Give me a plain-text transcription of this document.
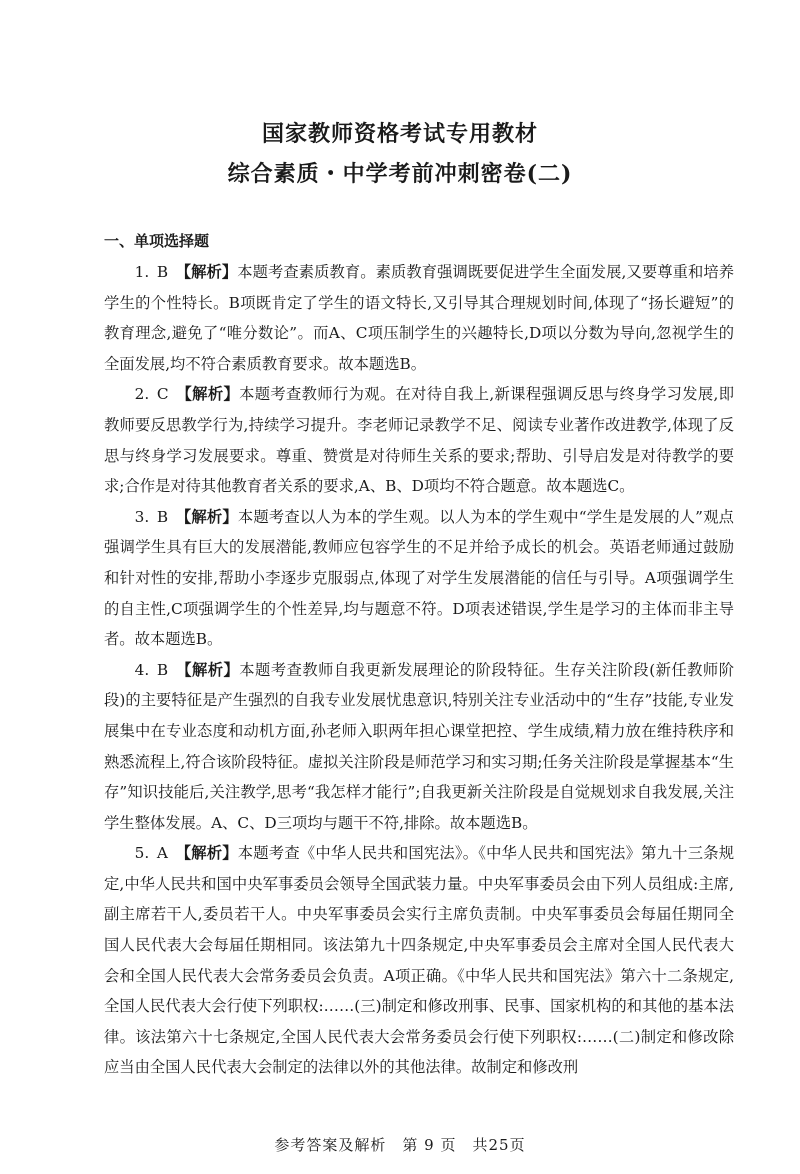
国家教师资格考试专用教材
综合素质・中学考前冲刺密卷(二)
一、单项选择题

1. B 【解析】本题考查素质教育。素质教育强调既要促进学生全面发展,又要尊重和培养学生的个性特长。B项既肯定了学生的语文特长,又引导其合理规划时间,体现了“扬长避短”的教育理念,避免了“唯分数论”。而A、C项压制学生的兴趣特长,D项以分数为导向,忽视学生的全面发展,均不符合素质教育要求。故本题选B。

2. C 【解析】本题考查教师行为观。在对待自我上,新课程强调反思与终身学习发展,即教师要反思教学行为,持续学习提升。李老师记录教学不足、阅读专业著作改进教学,体现了反思与终身学习发展要求。尊重、赞赏是对待师生关系的要求;帮助、引导启发是对待教学的要求;合作是对待其他教育者关系的要求,A、B、D项均不符合题意。故本题选C。

3. B 【解析】本题考查以人为本的学生观。以人为本的学生观中“学生是发展的人”观点强调学生具有巨大的发展潜能,教师应包容学生的不足并给予成长的机会。英语老师通过鼓励和针对性的安排,帮助小李逐步克服弱点,体现了对学生发展潜能的信任与引导。A项强调学生的自主性,C项强调学生的个性差异,均与题意不符。D项表述错误,学生是学习的主体而非主导者。故本题选B。

4. B 【解析】本题考查教师自我更新发展理论的阶段特征。生存关注阶段(新任教师阶段)的主要特征是产生强烈的自我专业发展忧患意识,特别关注专业活动中的“生存”技能,专业发展集中在专业态度和动机方面,孙老师入职两年担心课堂把控、学生成绩,精力放在维持秩序和熟悉流程上,符合该阶段特征。虚拟关注阶段是师范学习和实习期;任务关注阶段是掌握基本“生存”知识技能后,关注教学,思考“我怎样才能行”;自我更新关注阶段是自觉规划求自我发展,关注学生整体发展。A、C、D三项均与题干不符,排除。故本题选B。

5. A 【解析】本题考查《中华人民共和国宪法》。《中华人民共和国宪法》第九十三条规定,中华人民共和国中央军事委员会领导全国武装力量。中央军事委员会由下列人员组成:主席,副主席若干人,委员若干人。中央军事委员会实行主席负责制。中央军事委员会每届任期同全国人民代表大会每届任期相同。该法第九十四条规定,中央军事委员会主席对全国人民代表大会和全国人民代表大会常务委员会负责。A项正确。《中华人民共和国宪法》第六十二条规定,全国人民代表大会行使下列职权:……(三)制定和修改刑事、民事、国家机构的和其他的基本法律。该法第六十七条规定,全国人民代表大会常务委员会行使下列职权:……(二)制定和修改除应当由全国人民代表大会制定的法律以外的其他法律。故制定和修改刑

参考答案及解析　第 9 页　共25页
